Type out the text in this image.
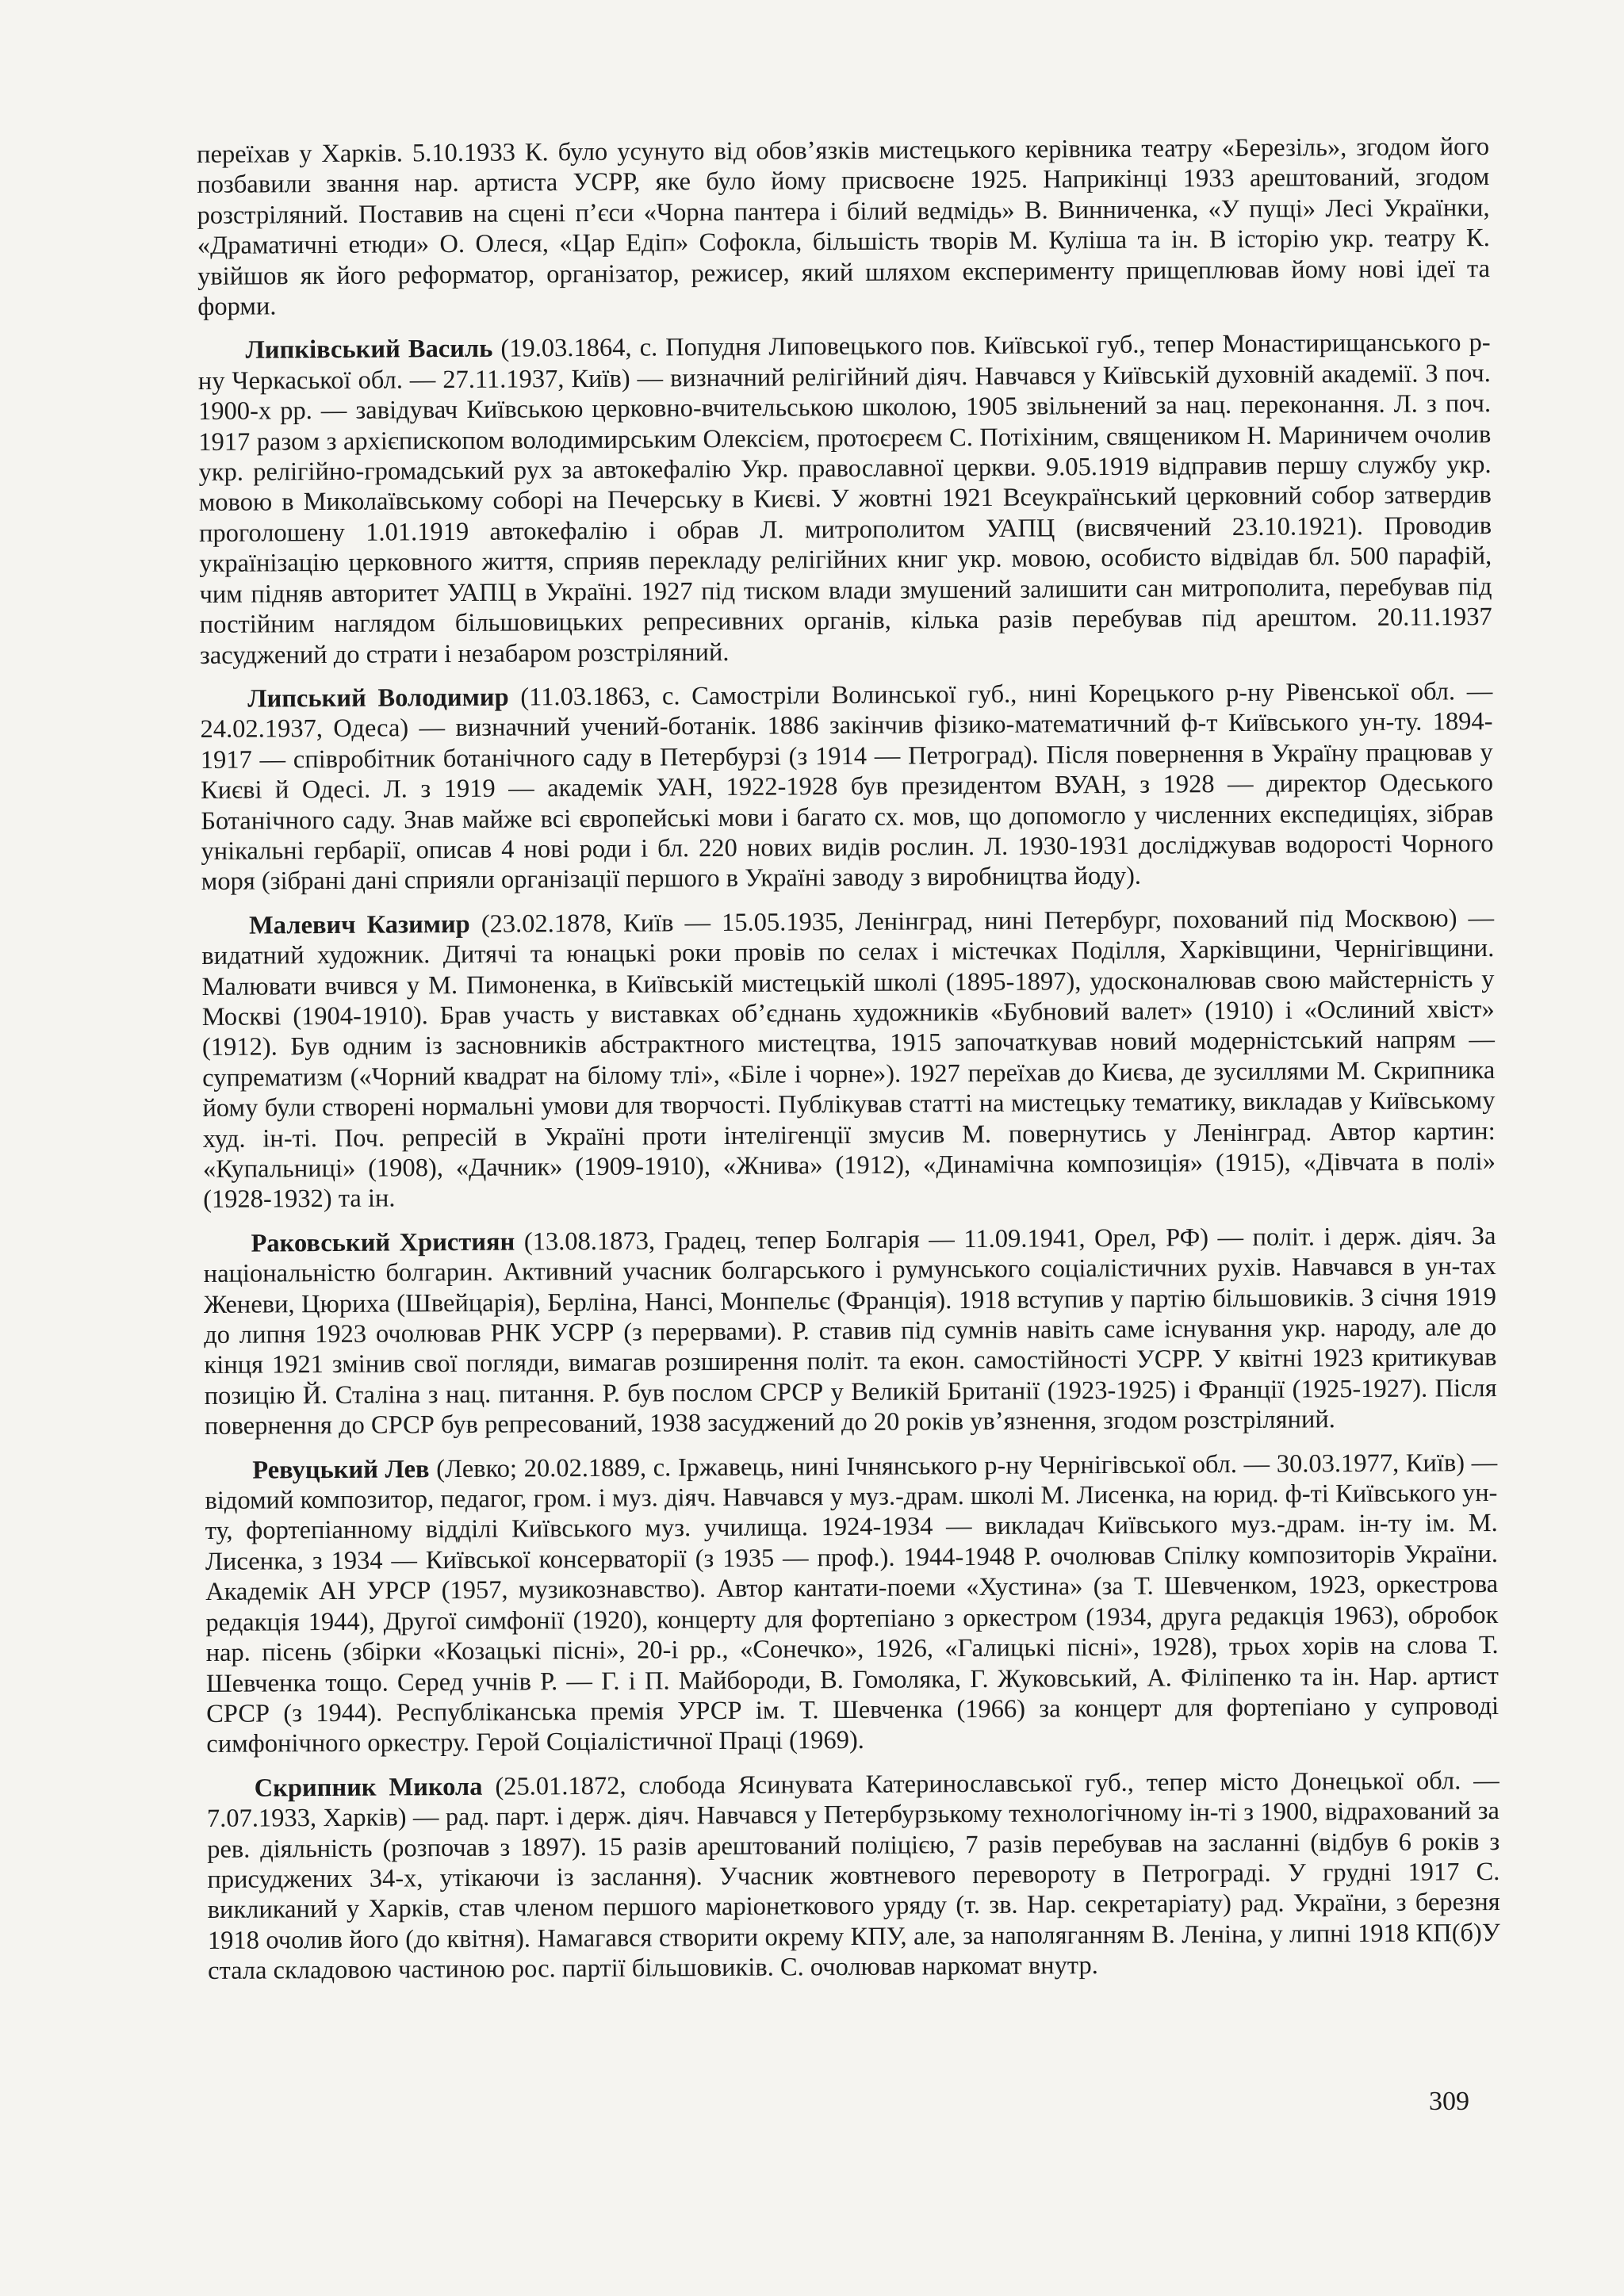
переїхав у Харків. 5.10.1933 К. було усунуто від обов’язків мистецького керівника театру «Березіль», згодом його позбавили звання нар. артиста УСРР, яке було йому присвоєне 1925. Наприкінці 1933 арештований, згодом розстріляний. Поставив на сцені п’єси «Чорна пантера і білий ведмідь» В. Винниченка, «У пущі» Лесі Українки, «Драматичні етюди» О. Олеся, «Цар Едіп» Софокла, більшість творів М. Куліша та ін. В історію укр. театру К. увійшов як його реформатор, організатор, режисер, який шляхом експерименту прищеплював йому нові ідеї та форми.

Липківський Василь (19.03.1864, с. Попудня Липовецького пов. Київської губ., тепер Монастирищанського р-ну Черкаської обл. — 27.11.1937, Київ) — визначний релігійний діяч. Навчався у Київській духовній академії. З поч. 1900-х рр. — завідувач Київською церковно-вчительською школою, 1905 звільнений за нац. переконання. Л. з поч. 1917 разом з архієпископом володимирським Олексієм, протоєреєм С. Потіхіним, священиком Н. Мариничем очолив укр. релігійно-громадський рух за автокефалію Укр. православної церкви. 9.05.1919 відправив першу службу укр. мовою в Миколаївському соборі на Печерську в Києві. У жовтні 1921 Всеукраїнський церковний собор затвердив проголошену 1.01.1919 автокефалію і обрав Л. митрополитом УАПЦ (висвячений 23.10.1921). Проводив українізацію церковного життя, сприяв перекладу релігійних книг укр. мовою, особисто відвідав бл. 500 парафій, чим підняв авторитет УАПЦ в Україні. 1927 під тиском влади змушений залишити сан митрополита, перебував під постійним наглядом більшовицьких репресивних органів, кілька разів перебував під арештом. 20.11.1937 засуджений до страти і незабаром розстріляний.

Липський Володимир (11.03.1863, с. Самостріли Волинської губ., нині Корецького р-ну Рівенської обл. — 24.02.1937, Одеса) — визначний учений-ботанік. 1886 закінчив фізико-математичний ф-т Київського ун-ту. 1894-1917 — співробітник ботанічного саду в Петербурзі (з 1914 — Петроград). Після повернення в Україну працював у Києві й Одесі. Л. з 1919 — академік УАН, 1922-1928 був президентом ВУАН, з 1928 — директор Одеського Ботанічного саду. Знав майже всі європейські мови і багато сх. мов, що допомогло у численних експедиціях, зібрав унікальні гербарії, описав 4 нові роди і бл. 220 нових видів рослин. Л. 1930-1931 досліджував водорості Чорного моря (зібрані дані сприяли організації першого в Україні заводу з виробництва йоду).

Малевич Казимир (23.02.1878, Київ — 15.05.1935, Ленінград, нині Петербург, похований під Москвою) — видатний художник. Дитячі та юнацькі роки провів по селах і містечках Поділля, Харківщини, Чернігівщини. Малювати вчився у М. Пимоненка, в Київській мистецькій школі (1895-1897), удосконалював свою майстерність у Москві (1904-1910). Брав участь у виставках об’єднань художників «Бубновий валет» (1910) і «Ослиний хвіст» (1912). Був одним із засновників абстрактного мистецтва, 1915 започаткував новий модерністський напрям — супрематизм («Чорний квадрат на білому тлі», «Біле і чорне»). 1927 переїхав до Києва, де зусиллями М. Скрипника йому були створені нормальні умови для творчості. Публікував статті на мистецьку тематику, викладав у Київському худ. ін-ті. Поч. репресій в Україні проти інтелігенції змусив М. повернутись у Ленінград. Автор картин: «Купальниці» (1908), «Дачник» (1909-1910), «Жнива» (1912), «Динамічна композиція» (1915), «Дівчата в полі» (1928-1932) та ін.

Раковський Християн (13.08.1873, Градец, тепер Болгарія — 11.09.1941, Орел, РФ) — політ. і держ. діяч. За національністю болгарин. Активний учасник болгарського і румунського соціалістичних рухів. Навчався в ун-тах Женеви, Цюриха (Швейцарія), Берліна, Нансі, Монпельє (Франція). 1918 вступив у партію більшовиків. З січня 1919 до липня 1923 очолював РНК УСРР (з перервами). Р. ставив під сумнів навіть саме існування укр. народу, але до кінця 1921 змінив свої погляди, вимагав розширення політ. та екон. самостійності УСРР. У квітні 1923 критикував позицію Й. Сталіна з нац. питання. Р. був послом СРСР у Великій Британії (1923-1925) і Франції (1925-1927). Після повернення до СРСР був репресований, 1938 засуджений до 20 років ув’язнення, згодом розстріляний.

Ревуцький Лев (Левко; 20.02.1889, с. Іржавець, нині Ічнянського р-ну Чернігівської обл. — 30.03.1977, Київ) — відомий композитор, педагог, гром. і муз. діяч. Навчався у муз.-драм. школі М. Лисенка, на юрид. ф-ті Київського ун-ту, фортепіанному відділі Київського муз. училища. 1924-1934 — викладач Київського муз.-драм. ін-ту ім. М. Лисенка, з 1934 — Київської консерваторії (з 1935 — проф.). 1944-1948 Р. очолював Спілку композиторів України. Академік АН УРСР (1957, музикознавство). Автор кантати-поеми «Хустина» (за Т. Шевченком, 1923, оркестрова редакція 1944), Другої симфонії (1920), концерту для фортепіано з оркестром (1934, друга редакція 1963), обробок нар. пісень (збірки «Козацькі пісні», 20-і рр., «Сонечко», 1926, «Галицькі пісні», 1928), трьох хорів на слова Т. Шевченка тощо. Серед учнів Р. — Г. і П. Майбороди, В. Гомоляка, Г. Жуковський, А. Філіпенко та ін. Нар. артист СРСР (з 1944). Республіканська премія УРСР ім. Т. Шевченка (1966) за концерт для фортепіано у супроводі симфонічного оркестру. Герой Соціалістичної Праці (1969).

Скрипник Микола (25.01.1872, слобода Ясинувата Катеринославської губ., тепер місто Донецької обл. — 7.07.1933, Харків) — рад. парт. і держ. діяч. Навчався у Петербурзькому технологічному ін-ті з 1900, відрахований за рев. діяльність (розпочав з 1897). 15 разів арештований поліцією, 7 разів перебував на засланні (відбув 6 років з присуджених 34-х, утікаючи із заслання). Учасник жовтневого перевороту в Петрограді. У грудні 1917 С. викликаний у Харків, став членом першого маріонеткового уряду (т. зв. Нар. секретаріату) рад. України, з березня 1918 очолив його (до квітня). Намагався створити окрему КПУ, але, за наполяганням В. Леніна, у липні 1918 КП(б)У стала складовою частиною рос. партії більшовиків. С. очолював наркомат внутр.

309
